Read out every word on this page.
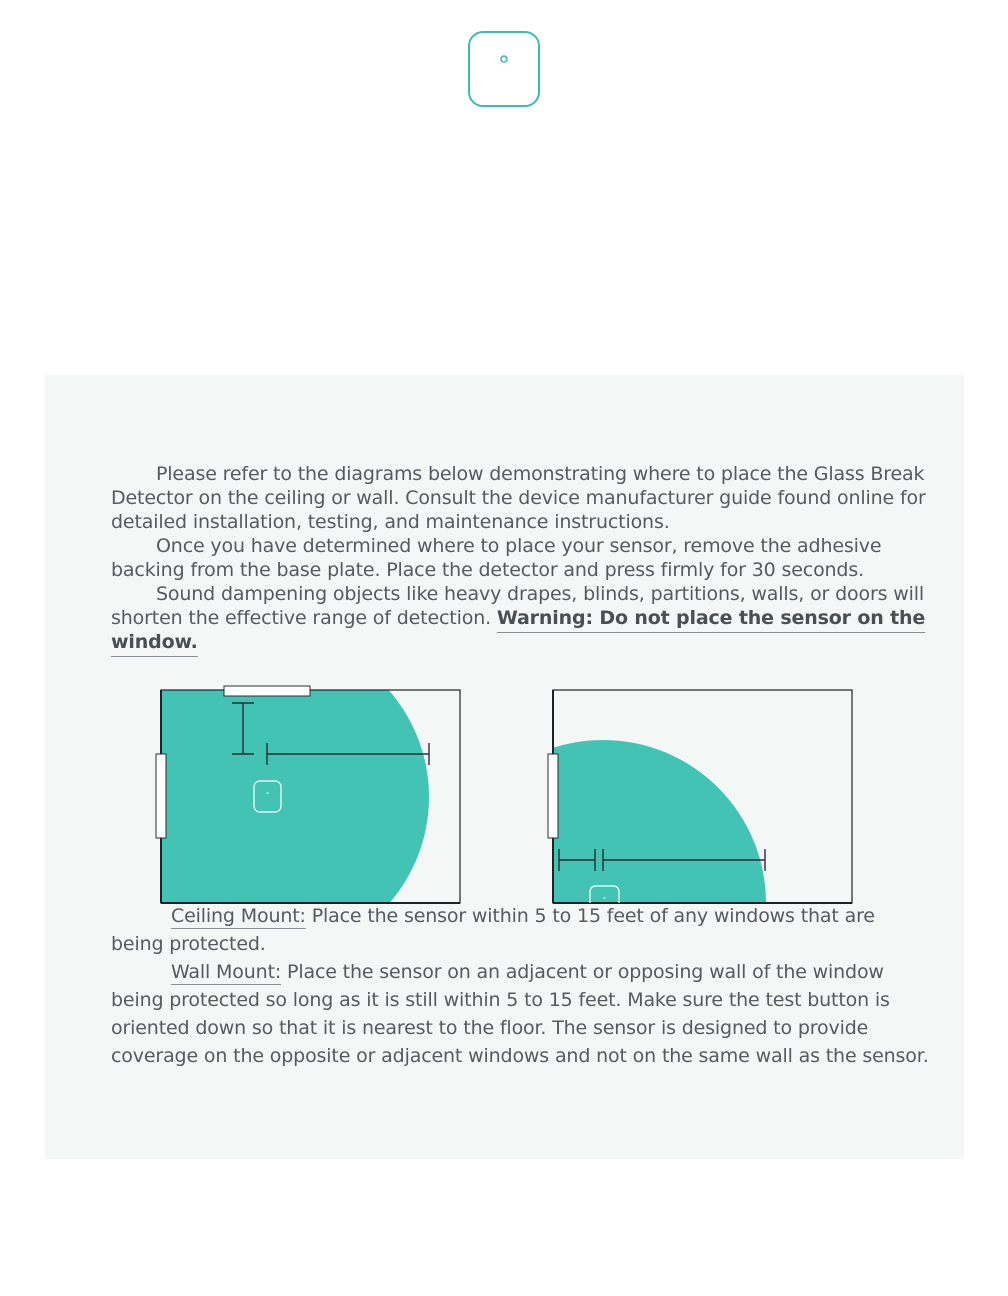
Please refer to the diagrams below demonstrating where to place the Glass Break Detector on the ceiling or wall. Consult the device manufacturer guide found online for detailed installation, testing, and maintenance instructions.

Once you have determined where to place your sensor, remove the adhesive backing from the base plate. Place the detector and press firmly for 30 seconds.

Sound dampening objects like heavy drapes, blinds, partitions, walls, or doors will shorten the effective range of detection. Warning: Do not place the sensor on the window.

Ceiling Mount: Place the sensor within 5 to 15 feet of any windows that are being protected.

Wall Mount: Place the sensor on an adjacent or opposing wall of the window being protected so long as it is still within 5 to 15 feet. Make sure the test button is oriented down so that it is nearest to the floor. The sensor is designed to provide coverage on the opposite or adjacent windows and not on the same wall as the sensor.
